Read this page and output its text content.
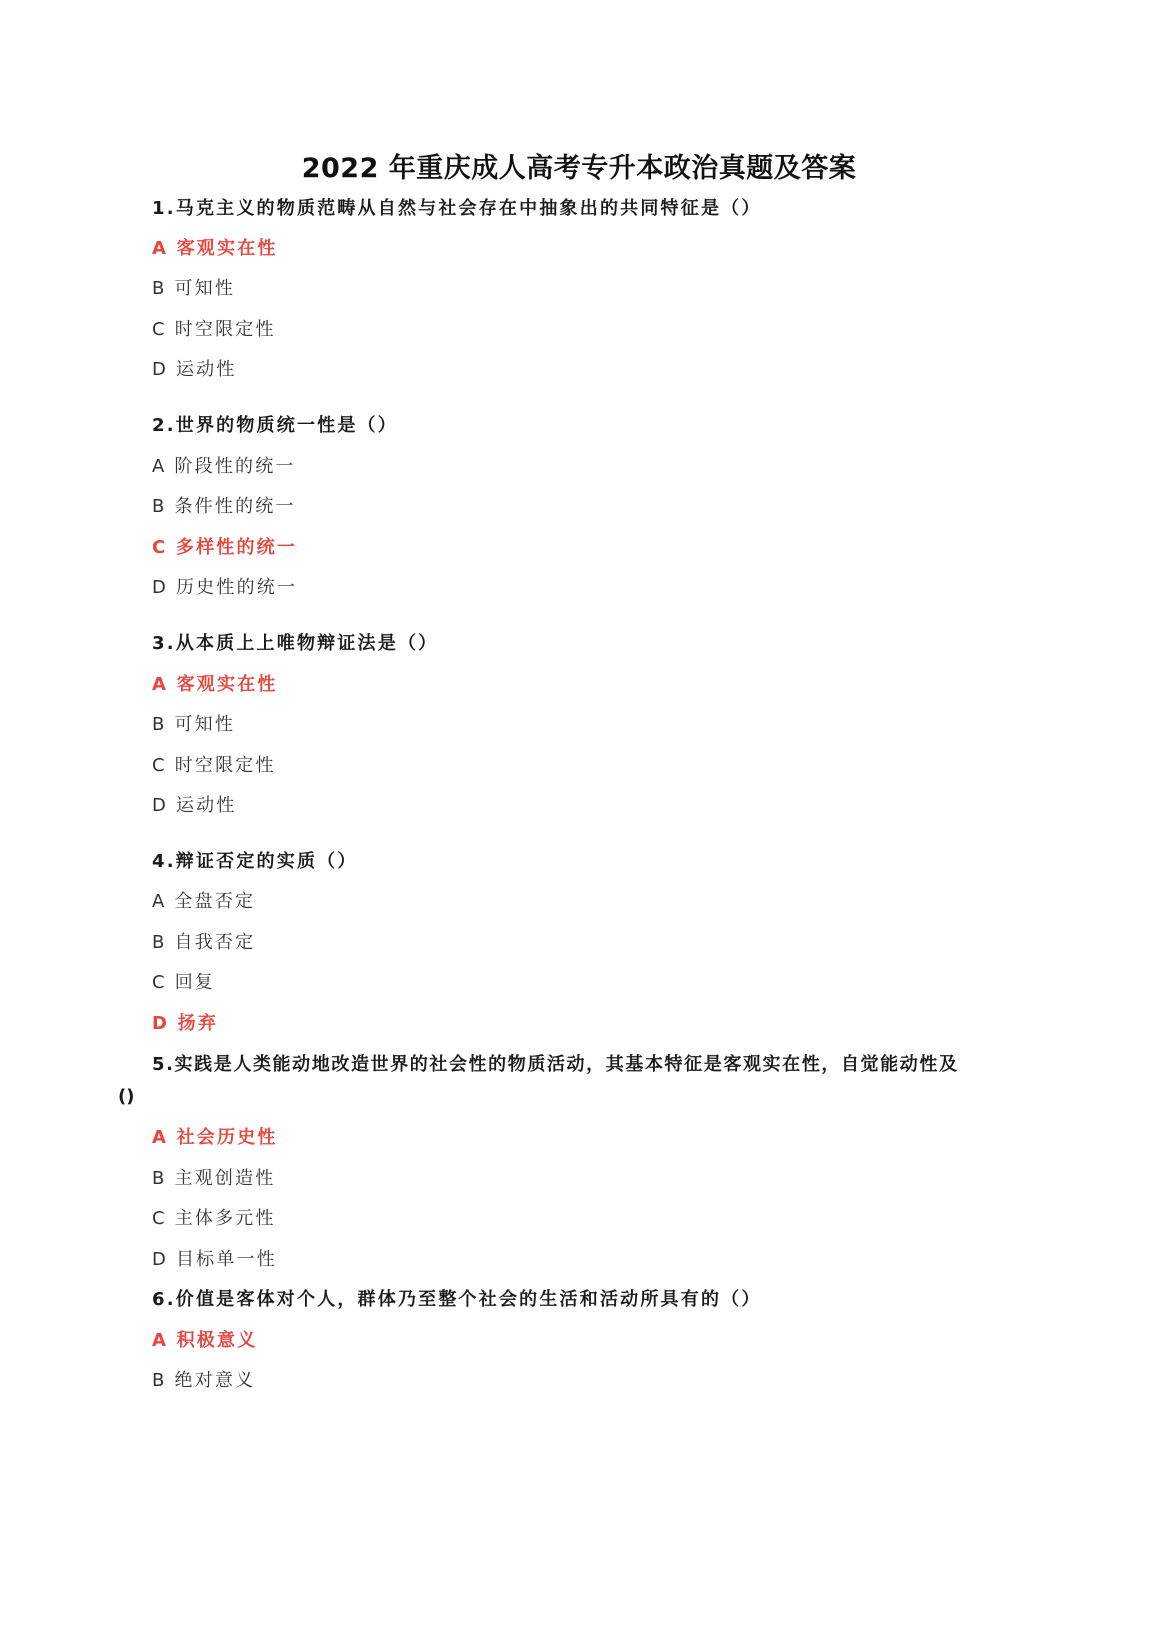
2022 年重庆成人高考专升本政治真题及答案
1.马克主义的物质范畴从自然与社会存在中抽象出的共同特征是（）
A 客观实在性
B 可知性
C 时空限定性
D 运动性
2.世界的物质统一性是（）
A 阶段性的统一
B 条件性的统一
C 多样性的统一
D 历史性的统一
3.从本质上上唯物辩证法是（）
A 客观实在性
B 可知性
C 时空限定性
D 运动性
4.辩证否定的实质（）
A 全盘否定
B 自我否定
C 回复
D 扬弃
5.实践是人类能动地改造世界的社会性的物质活动，其基本特征是客观实在性，自觉能动性及
()
A 社会历史性
B 主观创造性
C 主体多元性
D 目标单一性
6.价值是客体对个人，群体乃至整个社会的生活和活动所具有的（）
A 积极意义
B 绝对意义
